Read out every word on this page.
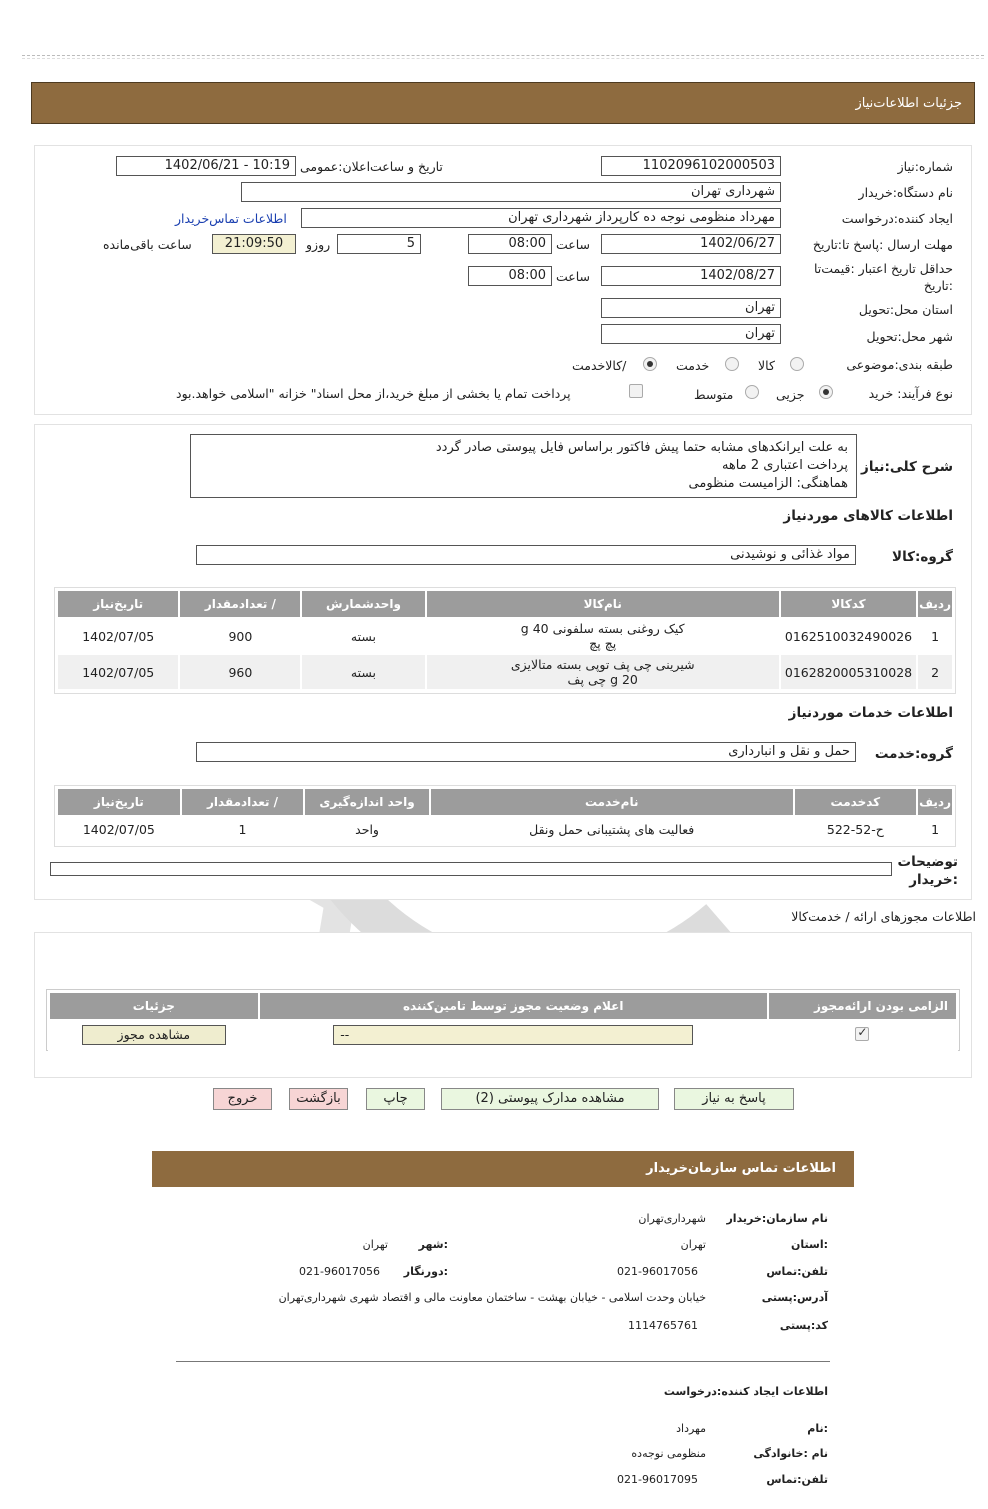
جزئیات اطلاعات‌نیاز
شماره:نیاز
1102096102000503
تاریخ و ساعت‌اعلان:عمومی
1402/06/21 - 10:19
نام دستگاه:خریدار
شهرداری تهران
ایجاد کننده:درخواست
مهرداد منظومی نوجه ده کارپرداز شهرداری تهران
اطلاعات تماس‌خریدار
مهلت ارسال :پاسخ تا:تاریخ
1402/06/27
ساعت
08:00
5
روزو
21:09:50
ساعت باقی‌مانده
حداقل تاریخ اعتبار :قیمت‌تا
:تاریخ
1402/08/27
ساعت
08:00
استان محل:تحویل
تهران
شهر محل:تحویل
تهران
طبقه بندی:موضوعی
کالا
خدمت
/کالاخدمت
نوع فرآیند: خرید
جزیی
متوسط
پرداخت تمام یا بخشی از مبلغ خرید،از محل اسناد" خزانه "اسلامی خواهد.بود
شرح کلی:نیاز
به علت ایرانکدهای مشابه حتما پیش فاکتور براساس فایل پیوستی صادر گردد
پرداخت اعتباری 2 ماهه
هماهنگی: الزامیست منظومی
اطلاعات کالاهای موردنیاز
گروه:کالا
مواد غذائی و نوشیدنی
ردیف	کدکالا	نام‌کالا	واحدشمارش	/ تعدادمقدار	تاریخ‌نیاز
1	0162510032490026	کیک روغنی بسته سلفونی 40 g
پچ پچ	بسته	900	1402/07/05
2	0162820005310028	شیرینی چی پف توپی بسته متالایزی
20 g چی پف	بسته	960	1402/07/05
اطلاعات خدمات موردنیاز
گروه:خدمت
حمل و نقل و انبارداری
ردیف	کدخدمت	نام‌خدمت	واحد اندازه‌گیری	/ تعدادمقدار	تاریخ‌نیاز
1	ح-52-522	فعالیت های پشتیبانی حمل ونقل	واحد	1	1402/07/05
توضیحات
:خریدار
اطلاعات مجوزهای ارائه / خدمت‌کالا
الزامی بودن ارائه‌مجوز	اعلام وضعیت مجوز توسط تامین‌کننده	جزئیات
✓	
--	مشاهده مجوز
پاسخ به نیاز
مشاهده مدارک پیوستی (2)
چاپ
بازگشت
خروج
اطلاعات تماس سازمان‌خریدار
نام سازمان:خریدار
شهرداری‌تهران
:استان
تهران
:شهر
تهران
تلفن:تماس
021-96017056
:دورنگار
021-96017056
آدرس:پستی
خیابان وحدت اسلامی - خیابان بهشت - ساختمان معاونت مالی و اقتصاد شهری شهرداری‌تهران
کد:پستی
1114765761
اطلاعات ایجاد کننده:درخواست
:نام
مهرداد
نام :خانوادگی
منظومی نوجه‌ده
تلفن:تماس
021-96017095
